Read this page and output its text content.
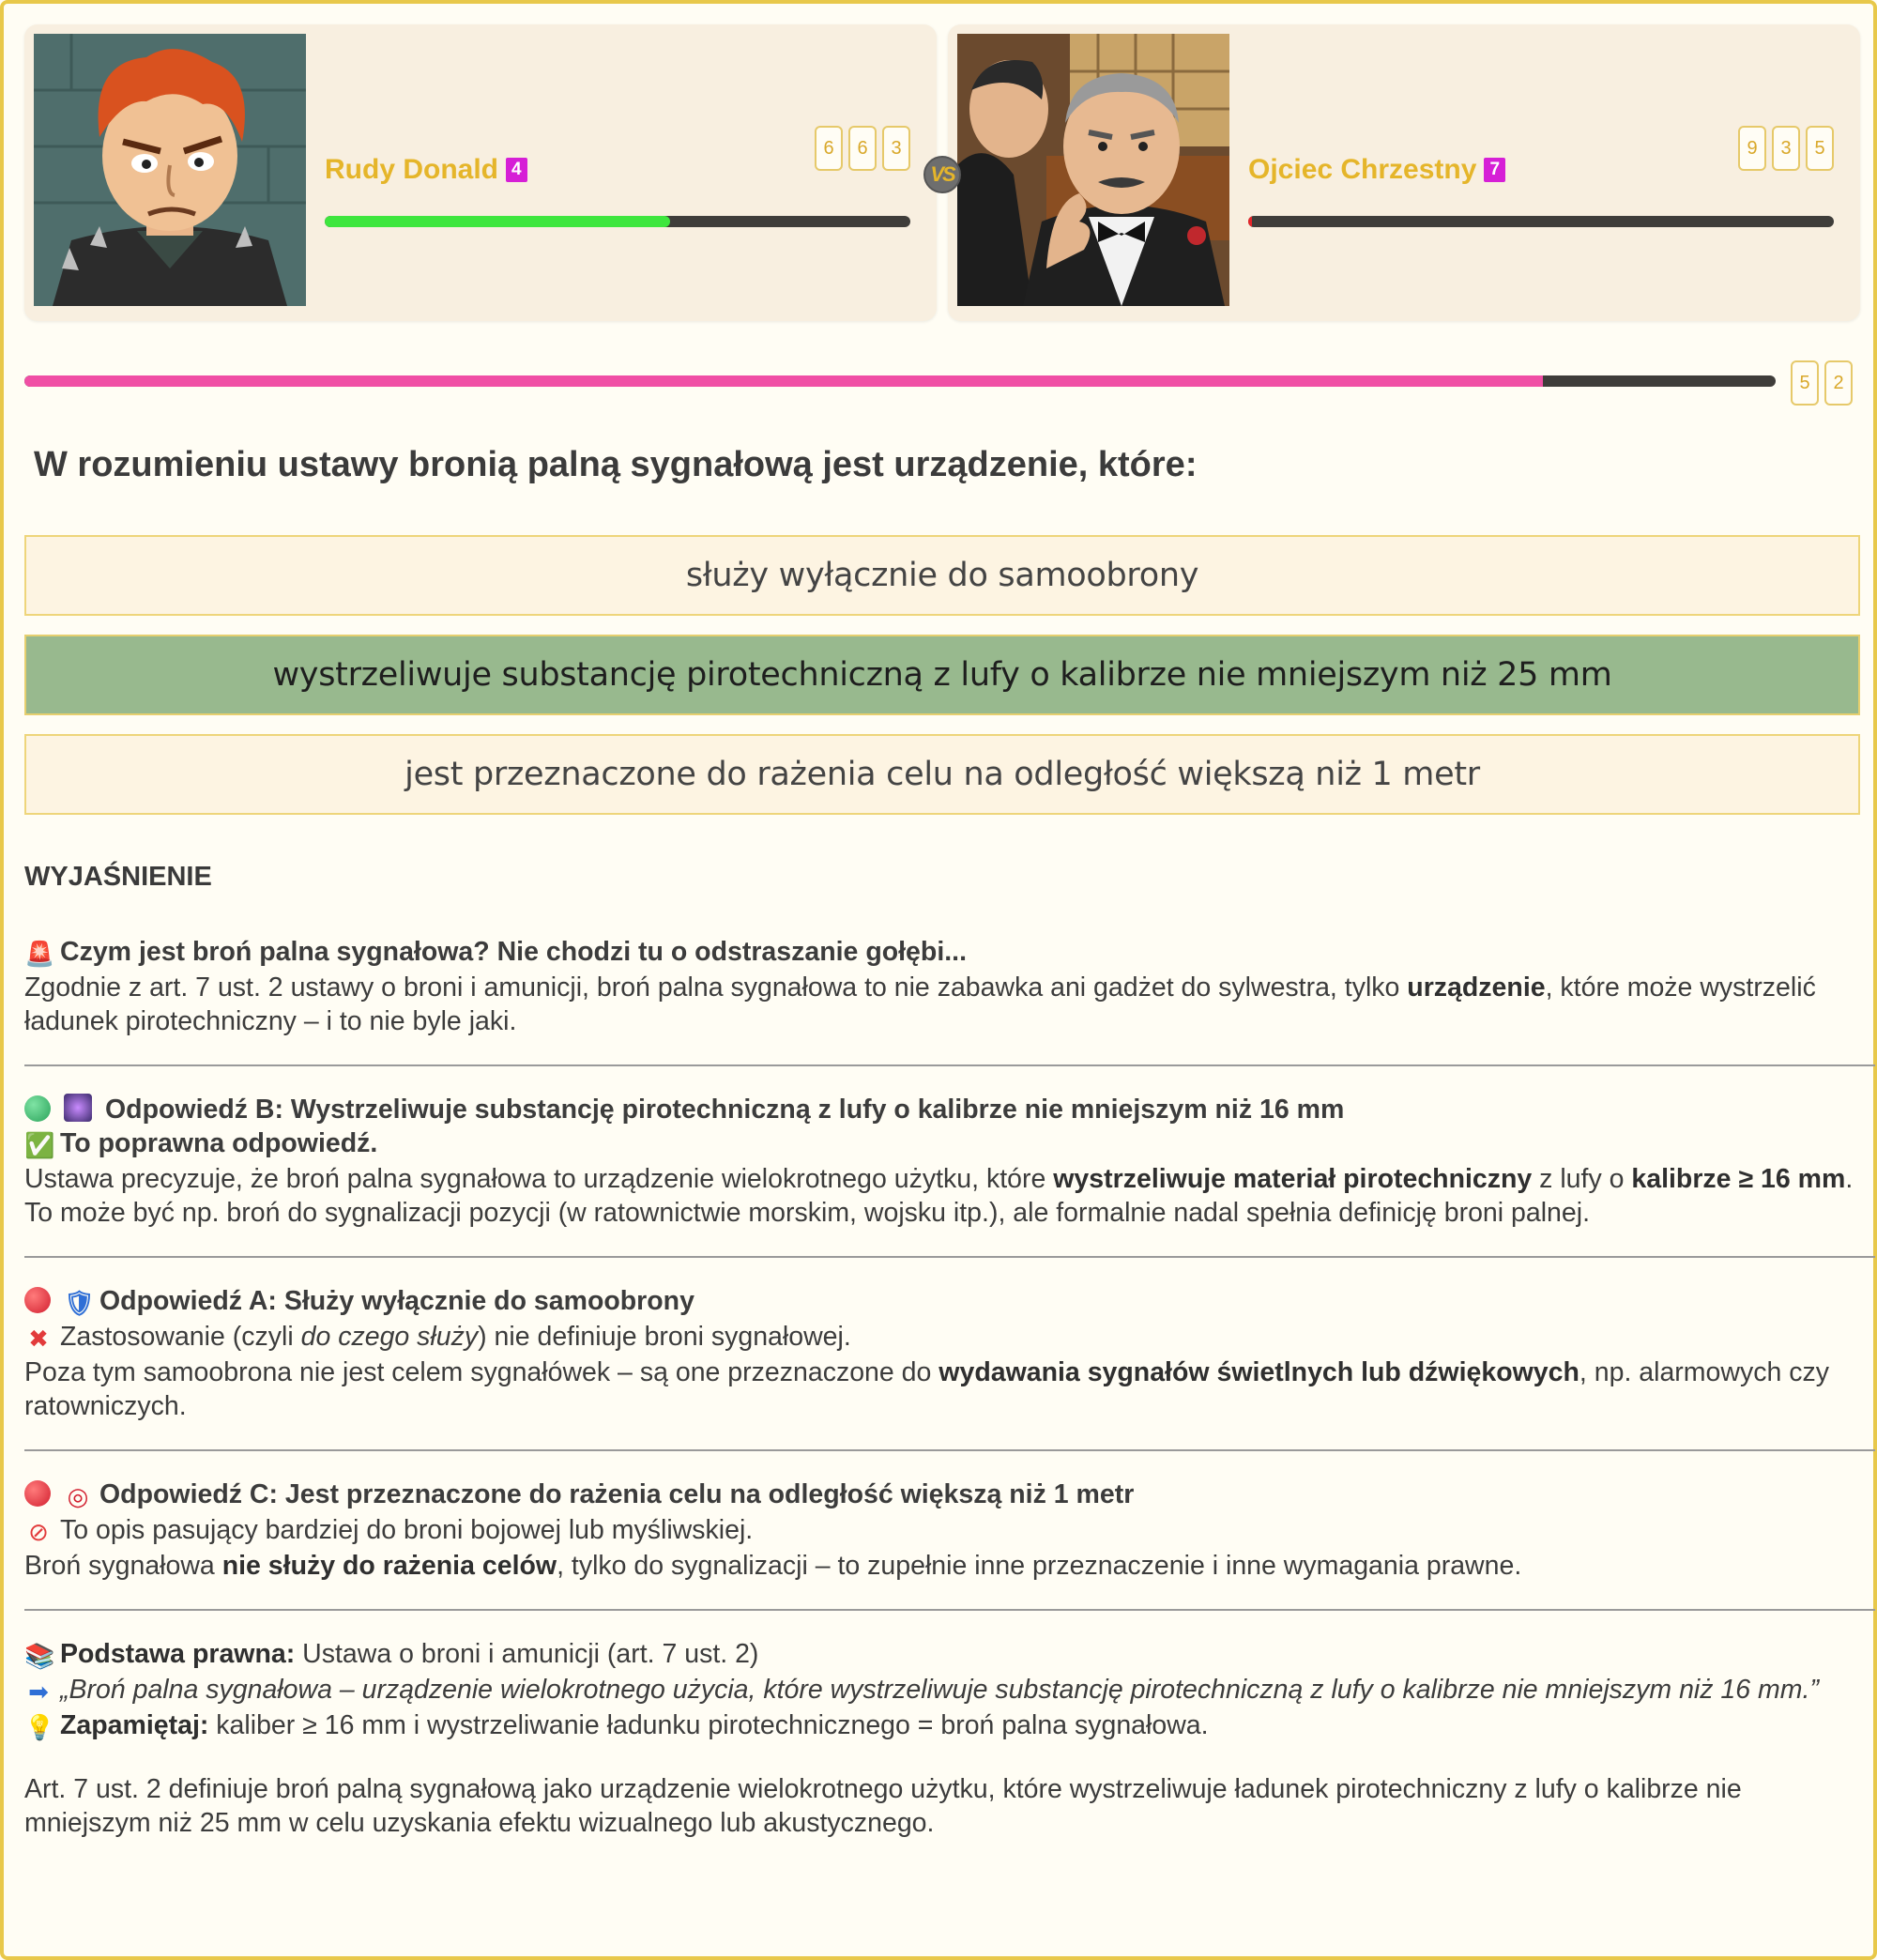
Rudy Donald 4
6	6	3
VS	Ojciec Chrzestny 7
9	3	5
5	2
W rozumieniu ustawy bronią palną sygnałową jest urządzenie, które:
służy wyłącznie do samoobrony
wystrzeliwuje substancję pirotechniczną z lufy o kalibrze nie mniejszym niż 25 mm
jest przeznaczone do rażenia celu na odległość większą niż 1 metr
WYJAŚNIENIE
🚨 Czym jest broń palna sygnałowa? Nie chodzi tu o odstraszanie gołębi...
Zgodnie z art. 7 ust. 2 ustawy o broni i amunicji, broń palna sygnałowa to nie zabawka ani gadżet do sylwestra, tylko urządzenie, które może wystrzelić ładunek pirotechniczny – i to nie byle jaki.
Odpowiedź B: Wystrzeliwuje substancję pirotechniczną z lufy o kalibrze nie mniejszym niż 16 mm
✅ To poprawna odpowiedź.
Ustawa precyzuje, że broń palna sygnałowa to urządzenie wielokrotnego użytku, które wystrzeliwuje materiał pirotechniczny z lufy o kalibrze ≥ 16 mm. To może być np. broń do sygnalizacji pozycji (w ratownictwie morskim, wojsku itp.), ale formalnie nadal spełnia definicję broni palnej.
🛡 Odpowiedź A: Służy wyłącznie do samoobrony
✖ Zastosowanie (czyli do czego służy) nie definiuje broni sygnałowej.
Poza tym samoobrona nie jest celem sygnałówek – są one przeznaczone do wydawania sygnałów świetlnych lub dźwiękowych, np. alarmowych czy ratowniczych.
◎ Odpowiedź C: Jest przeznaczone do rażenia celu na odległość większą niż 1 metr
⊘ To opis pasujący bardziej do broni bojowej lub myśliwskiej.
Broń sygnałowa nie służy do rażenia celów, tylko do sygnalizacji – to zupełnie inne przeznaczenie i inne wymagania prawne.
📚 Podstawa prawna: Ustawa o broni i amunicji (art. 7 ust. 2)
➡ „Broń palna sygnałowa – urządzenie wielokrotnego użycia, które wystrzeliwuje substancję pirotechniczną z lufy o kalibrze nie mniejszym niż 16 mm.”
💡 Zapamiętaj: kaliber ≥ 16 mm i wystrzeliwanie ładunku pirotechnicznego = broń palna sygnałowa.
Art. 7 ust. 2 definiuje broń palną sygnałową jako urządzenie wielokrotnego użytku, które wystrzeliwuje ładunek pirotechniczny z lufy o kalibrze nie mniejszym niż 25 mm w celu uzyskania efektu wizualnego lub akustycznego.
